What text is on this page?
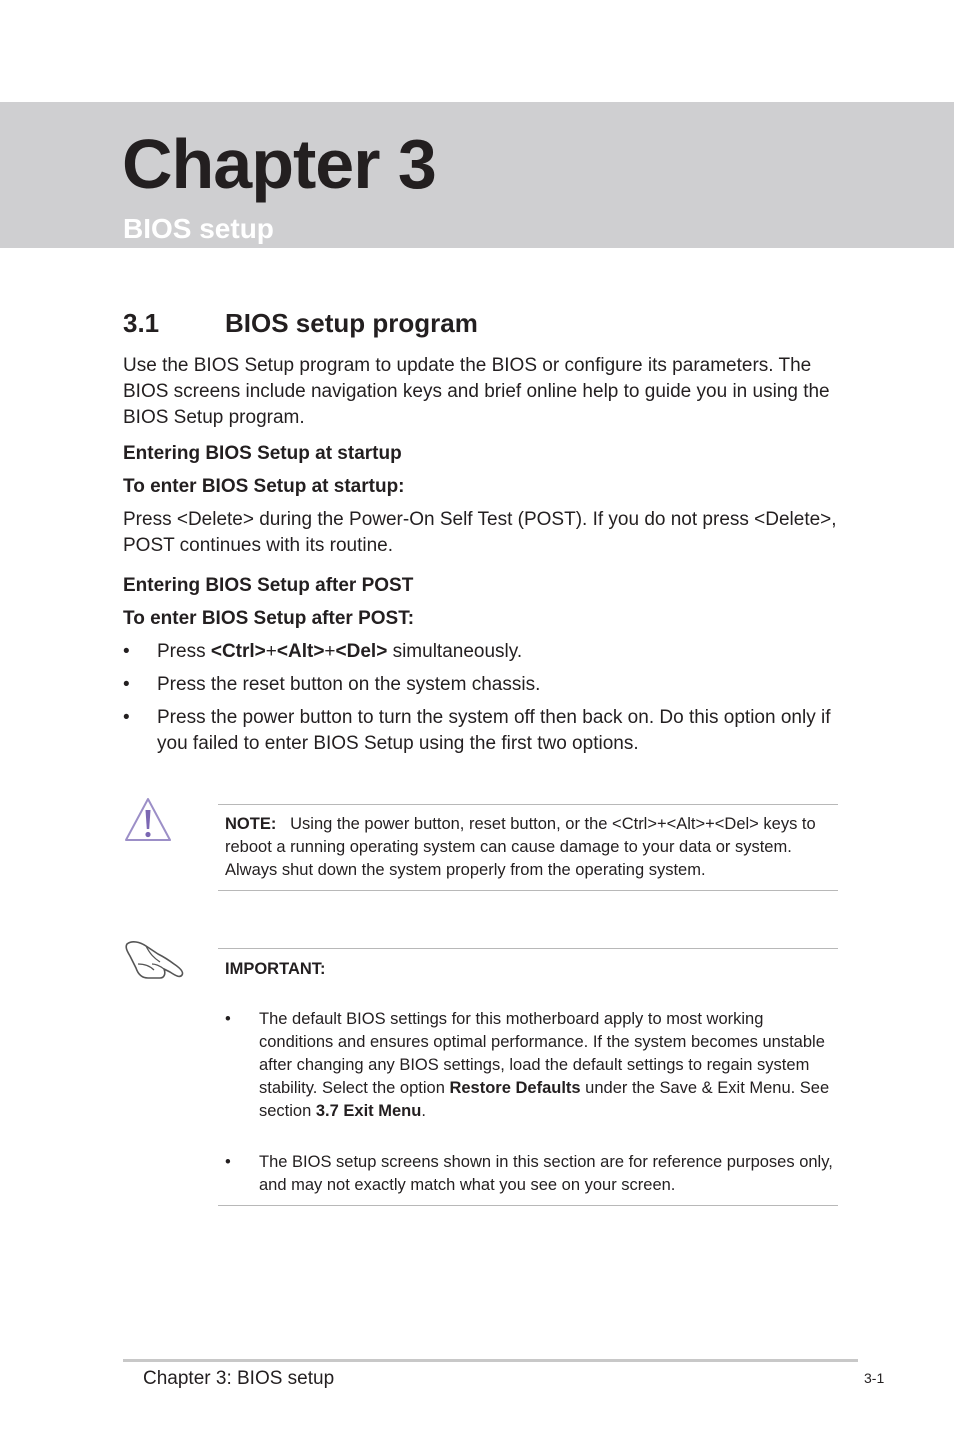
Chapter 3
BIOS setup
3.1	BIOS setup program

Use the BIOS Setup program to update the BIOS or configure its parameters. The BIOS screens include navigation keys and brief online help to guide you in using the BIOS Setup program.

Entering BIOS Setup at startup

To enter BIOS Setup at startup:

Press <Delete> during the Power-On Self Test (POST). If you do not press <Delete>, POST continues with its routine.

Entering BIOS Setup after POST

To enter BIOS Setup after POST:

• Press <Ctrl>+<Alt>+<Del> simultaneously.
• Press the reset button on the system chassis.
• Press the power button to turn the system off then back on. Do this option only if you failed to enter BIOS Setup using the first two options.
NOTE: Using the power button, reset button, or the <Ctrl>+<Alt>+<Del> keys to reboot a running operating system can cause damage to your data or system. Always shut down the system properly from the operating system.
IMPORTANT:
• The default BIOS settings for this motherboard apply to most working conditions and ensures optimal performance. If the system becomes unstable after changing any BIOS settings, load the default settings to regain system stability. Select the option Restore Defaults under the Save & Exit Menu. See section 3.7 Exit Menu.
• The BIOS setup screens shown in this section are for reference purposes only, and may not exactly match what you see on your screen.
Chapter 3: BIOS setup	3-1
